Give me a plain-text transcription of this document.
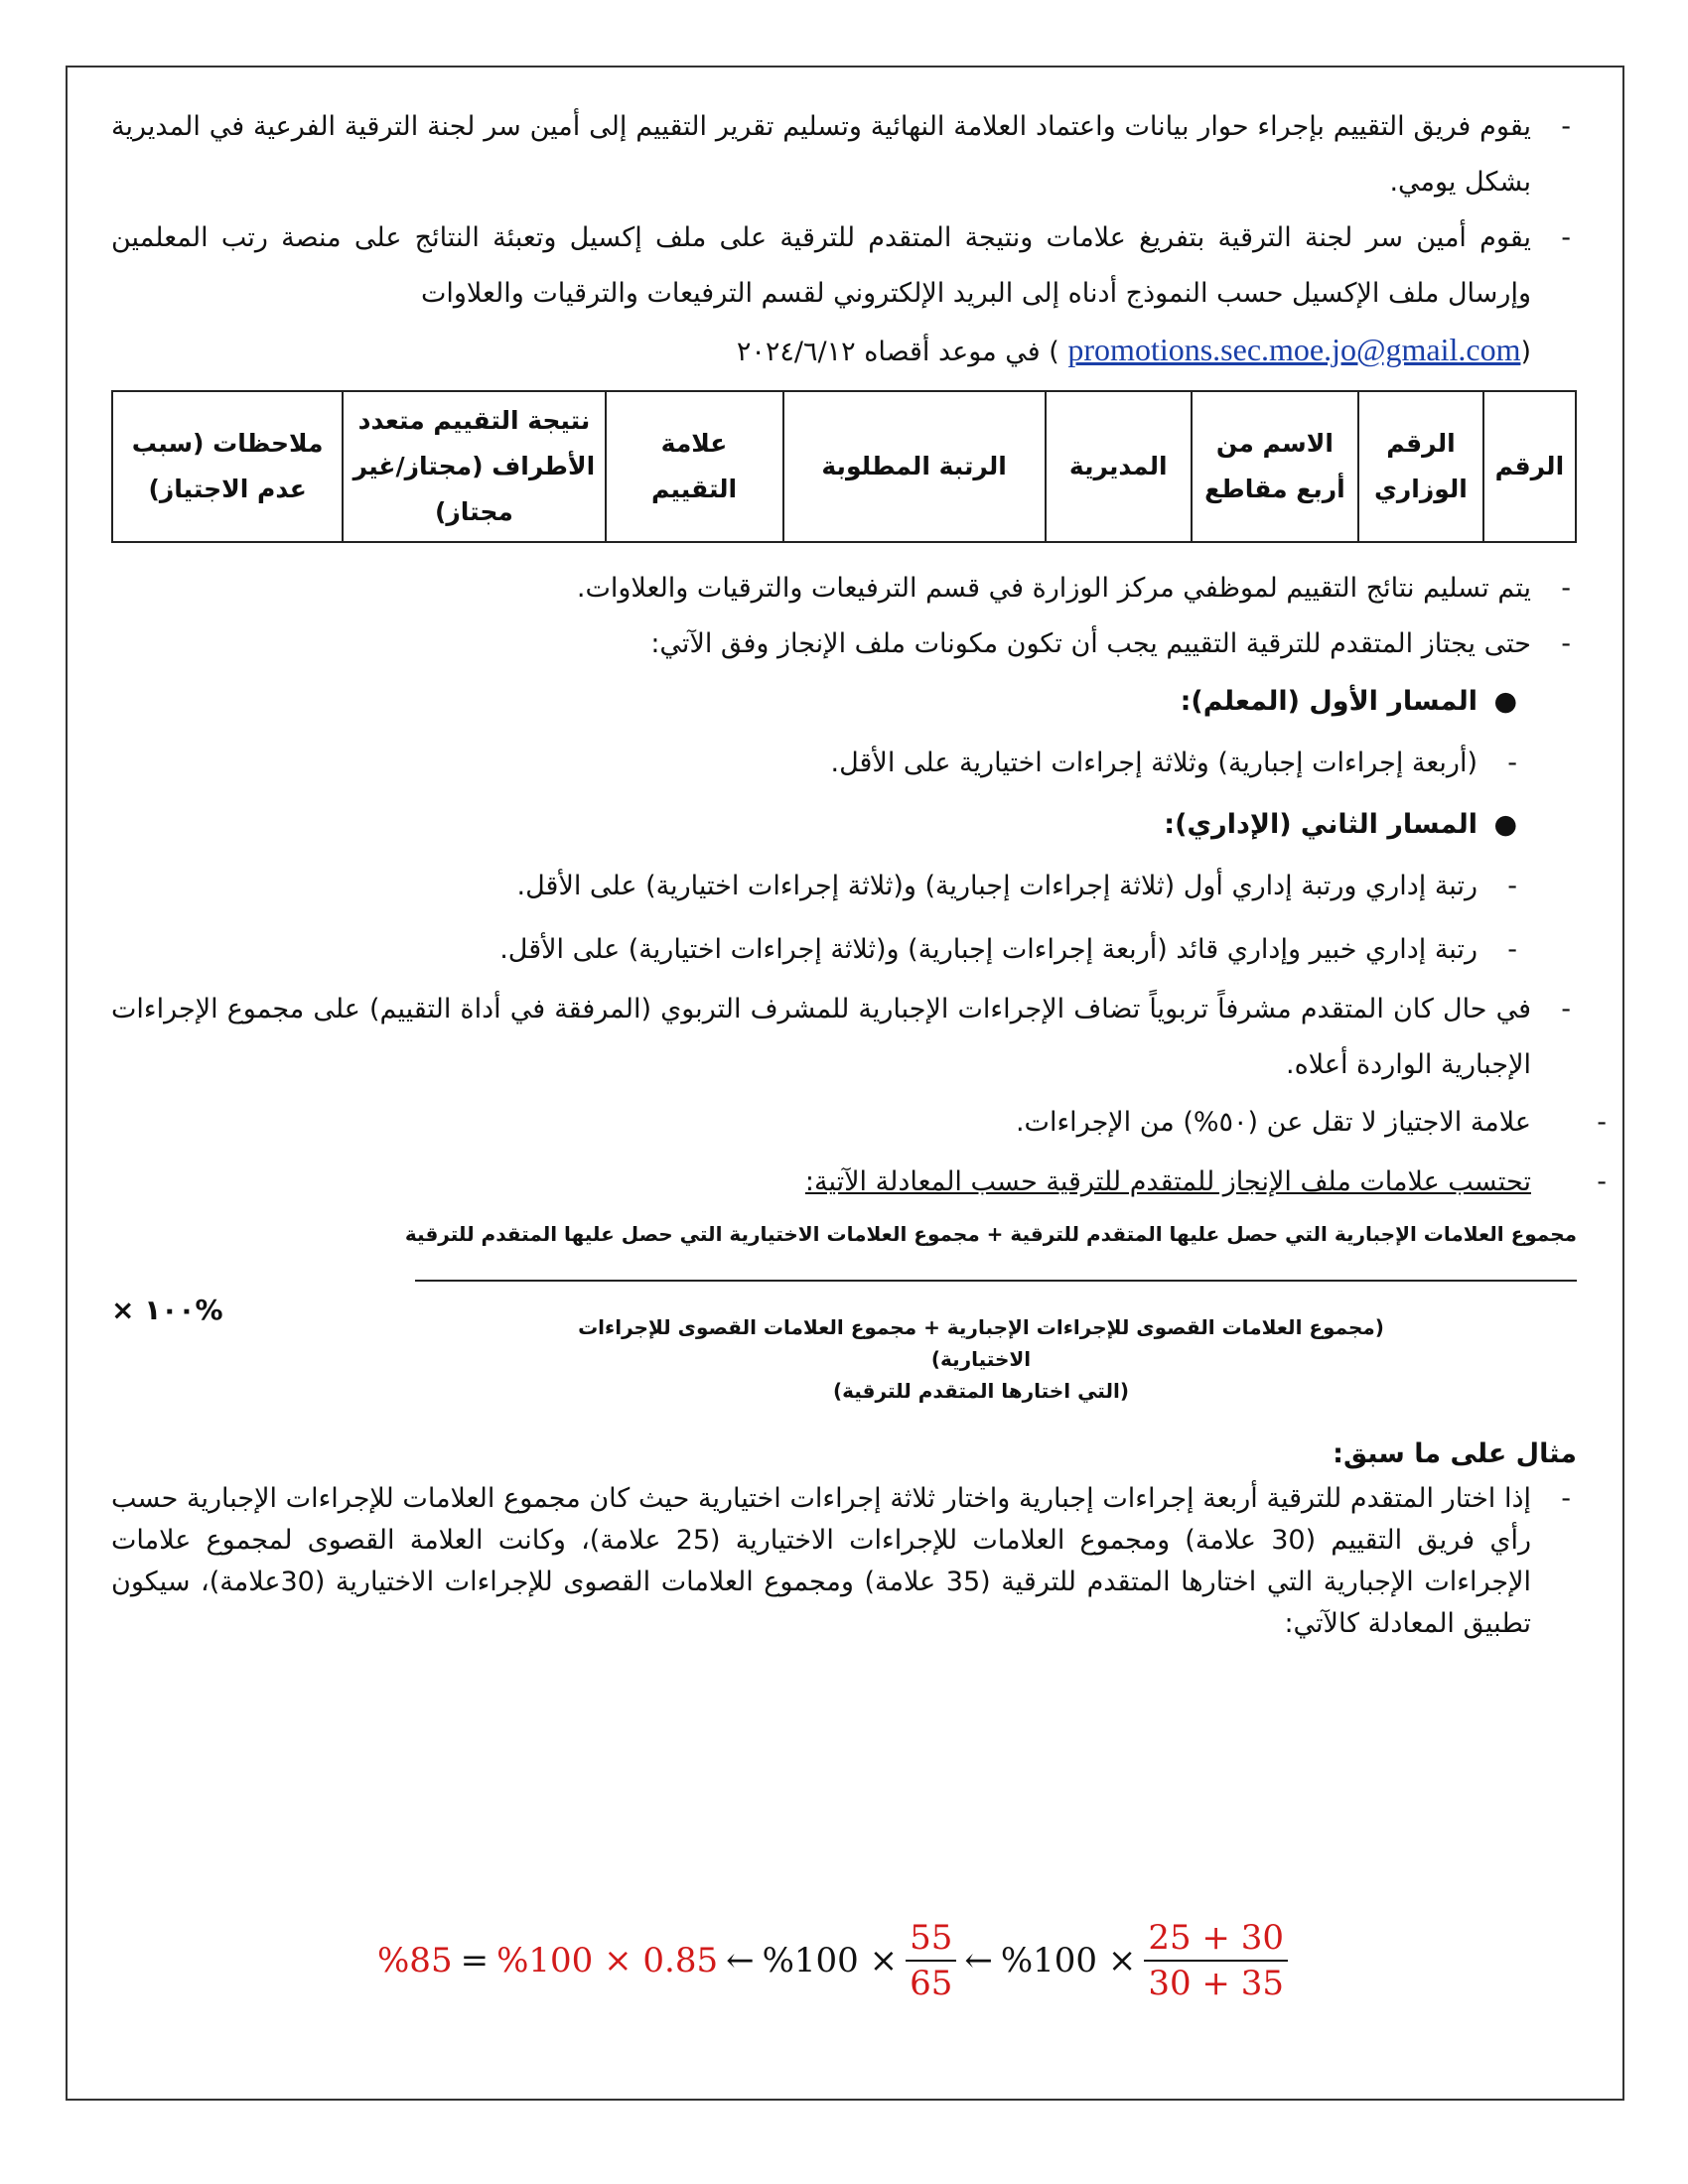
-
يقوم فريق التقييم بإجراء حوار بيانات واعتماد العلامة النهائية وتسليم تقرير التقييم إلى أمين سر لجنة الترقية الفرعية في المديرية بشكل يومي.
-
يقوم أمين سر لجنة الترقية بتفريغ علامات ونتيجة المتقدم للترقية على ملف إكسيل وتعبئة النتائج على منصة رتب المعلمين وإرسال ملف الإكسيل حسب النموذج أدناه إلى البريد الإلكتروني لقسم الترفيعات والترقيات والعلاوات
(promotions.sec.moe.jo@gmail.com ) في موعد أقصاه ٢٠٢٤/٦/١٢
الرقم	الرقم الوزاري	الاسم من أربع مقاطع	المديرية	الرتبة المطلوبة	علامة التقييم	نتيجة التقييم متعدد الأطراف (مجتاز/غير مجتاز)	ملاحظات (سبب عدم الاجتياز)
-
يتم تسليم نتائج التقييم لموظفي مركز الوزارة في قسم الترفيعات والترقيات والعلاوات.
-
حتى يجتاز المتقدم للترقية التقييم يجب أن تكون مكونات ملف الإنجاز وفق الآتي:
●
المسار الأول (المعلم):
-
(أربعة إجراءات إجبارية) وثلاثة إجراءات اختيارية على الأقل.
●
المسار الثاني (الإداري):
-
رتبة إداري ورتبة إداري أول (ثلاثة إجراءات إجبارية) و(ثلاثة إجراءات اختيارية) على الأقل.
-
رتبة إداري خبير وإداري قائد (أربعة إجراءات إجبارية) و(ثلاثة إجراءات اختيارية) على الأقل.
-
في حال كان المتقدم مشرفاً تربوياً تضاف الإجراءات الإجبارية للمشرف التربوي (المرفقة في أداة التقييم) على مجموع الإجراءات الإجبارية الواردة أعلاه.
-
علامة الاجتياز لا تقل عن (٥٠%) من الإجراءات.
-
تحتسب علامات ملف الإنجاز للمتقدم للترقية حسب المعادلة الآتية:
مجموع العلامات الإجبارية التي حصل عليها المتقدم للترقية + مجموع العلامات الاختيارية التي حصل عليها المتقدم للترقية
(مجموع العلامات القصوى للإجراءات الإجبارية + مجموع العلامات القصوى للإجراءات الاختيارية)
(التي اختارها المتقدم للترقية)
× ١٠٠%
مثال على ما سبق:
-
إذا اختار المتقدم للترقية أربعة إجراءات إجبارية واختار ثلاثة إجراءات اختيارية حيث كان مجموع العلامات للإجراءات الإجبارية حسب رأي فريق التقييم (30 علامة) ومجموع العلامات للإجراءات الاختيارية (25 علامة)، وكانت العلامة القصوى لمجموع علامات الإجراءات الإجبارية التي اختارها المتقدم للترقية (35 علامة) ومجموع العلامات القصوى للإجراءات الاختيارية (30علامة)، سيكون تطبيق المعادلة كالآتي:
%85 = %100 × 0.85 ← $\%100 \times \frac{55}{65}$ ← $\%100 \times \frac{25 + 30}{30 + 35}$
